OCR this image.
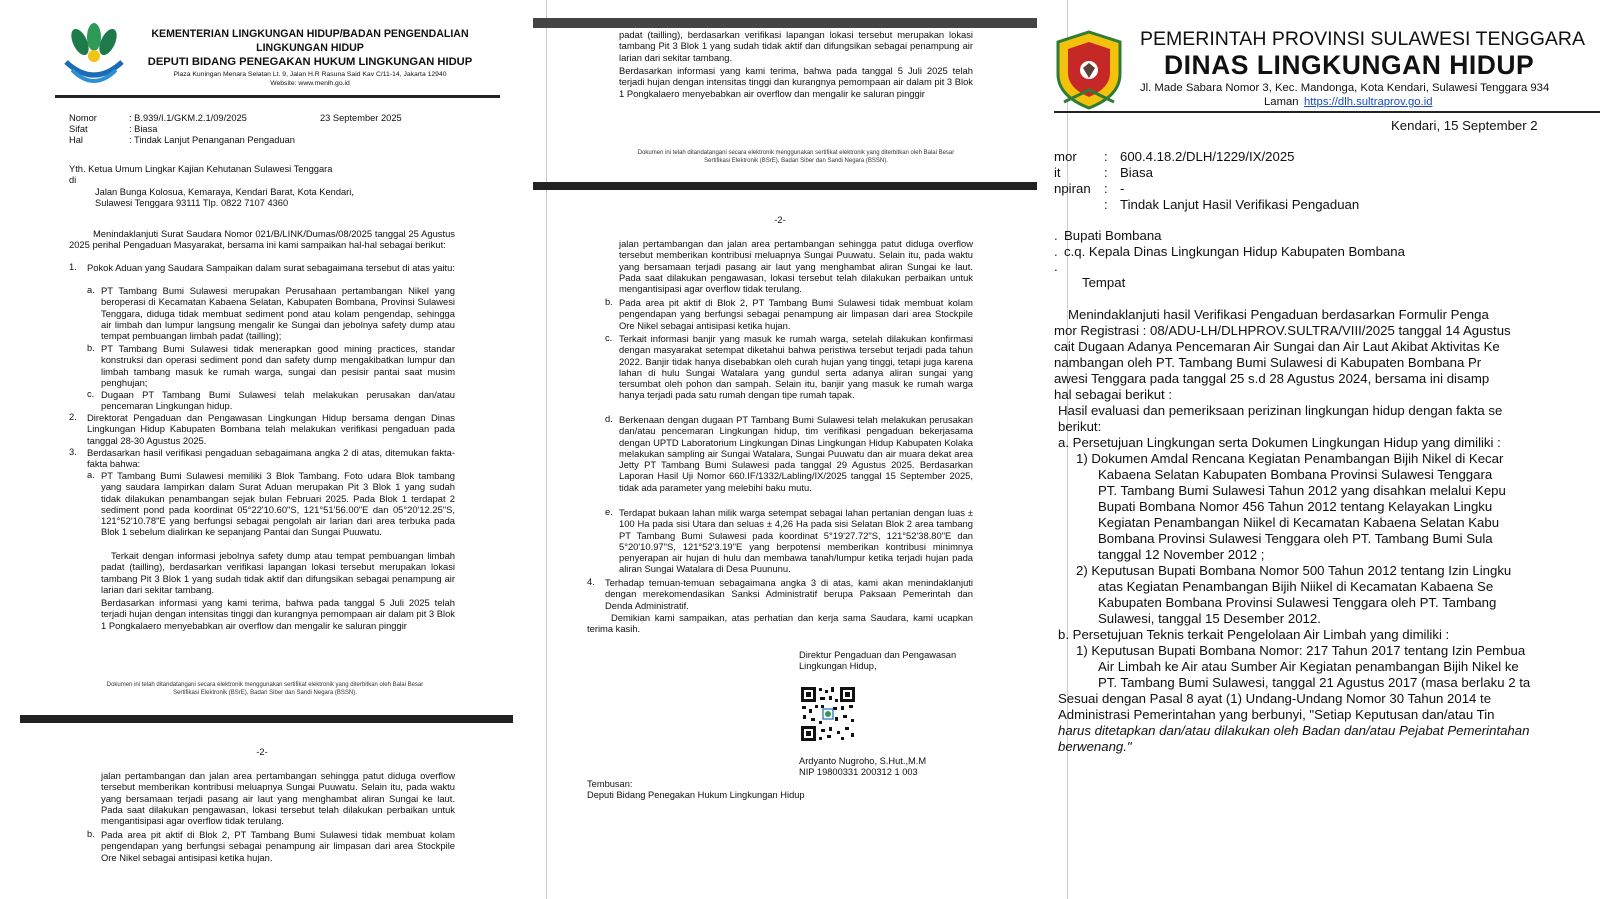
KEMENTERIAN LINGKUNGAN HIDUP/BADAN PENGENDALIAN
LINGKUNGAN HIDUP
DEPUTI BIDANG PENEGAKAN HUKUM LINGKUNGAN HIDUP
Plaza Kuningan Menara Selatan Lt. 9, Jalan H.R Rasuna Said Kav C/11-14, Jakarta 12940
Website: www.menlh.go.id
Nomor	: B.939/I.1/GKM.2.1/09/2025	23 September 2025
Sifat	: Biasa
Hal	: Tindak Lanjut Penanganan Pengaduan
Yth. Ketua Umum Lingkar Kajian Kehutanan Sulawesi Tenggara
di
Jalan Bunga Kolosua, Kemaraya, Kendari Barat, Kota Kendari,
Sulawesi Tenggara 93111 Tlp. 0822 7107 4360
Menindaklanjuti Surat Saudara Nomor 021/B/LINK/Dumas/08/2025 tanggal 25 Agustus 2025 perihal Pengaduan Masyarakat, bersama ini kami sampaikan hal-hal sebagai berikut:
1. Pokok Aduan yang Saudara Sampaikan dalam surat sebagaimana tersebut di atas yaitu:
a. PT Tambang Bumi Sulawesi merupakan Perusahaan pertambangan Nikel yang beroperasi di Kecamatan Kabaena Selatan, Kabupaten Bombana, Provinsi Sulawesi Tenggara, diduga tidak membuat sediment pond atau kolam pengendap, sehingga air limbah dan lumpur langsung mengalir ke Sungai dan jebolnya safety dump atau tempat pembuangan limbah padat (tailling);
b. PT Tambang Bumi Sulawesi tidak menerapkan good mining practices, standar konstruksi dan operasi sediment pond dan safety dump mengakibatkan lumpur dan limbah tambang masuk ke rumah warga, sungai dan pesisir pantai saat musim penghujan;
c. Dugaan PT Tambang Bumi Sulawesi telah melakukan perusakan dan/atau pencemaran Lingkungan hidup.
2. Direktorat Pengaduan dan Pengawasan Lingkungan Hidup bersama dengan Dinas Lingkungan Hidup Kabupaten Bombana telah melakukan verifikasi pengaduan pada tanggal 28-30 Agustus 2025.
3. Berdasarkan hasil verifikasi pengaduan sebagaimana angka 2 di atas, ditemukan fakta-fakta bahwa:
a. PT Tambang Bumi Sulawesi memiliki 3 Blok Tambang. Foto udara Blok tambang yang saudara lampirkan dalam Surat Aduan merupakan Pit 3 Blok 1 yang sudah tidak dilakukan penambangan sejak bulan Februari 2025. Pada Blok 1 terdapat 2 sediment pond pada koordinat 05°22'10.60"S, 121°51'56.00"E dan 05°20'12.25"S, 121°52'10.78"E yang berfungsi sebagai pengolah air larian dari area terbuka pada Blok 1 sebelum dialirkan ke sepanjang Pantai dan Sungai Puuwatu.
Terkait dengan informasi jebolnya safety dump atau tempat pembuangan limbah padat (tailling), berdasarkan verifikasi lapangan lokasi tersebut merupakan lokasi tambang Pit 3 Blok 1 yang sudah tidak aktif dan difungsikan sebagai penampung air larian dari sekitar tambang.
Berdasarkan informasi yang kami terima, bahwa pada tanggal 5 Juli 2025 telah terjadi hujan dengan intensitas tinggi dan kurangnya pemompaan air dalam pit 3 Blok 1 Pongkalaero menyebabkan air overflow dan mengalir ke saluran pinggir
Dokumen ini telah ditandatangani secara elektronik menggunakan sertifikat elektronik yang diterbitkan oleh Balai Besar Sertifikasi Elektronik (BSrE), Badan Siber dan Sandi Negara (BSSN).
-2-
jalan pertambangan dan jalan area pertambangan sehingga patut diduga overflow tersebut memberikan kontribusi meluapnya Sungai Puuwatu. Selain itu, pada waktu yang bersamaan terjadi pasang air laut yang menghambat aliran Sungai ke laut. Pada saat dilakukan pengawasan, lokasi tersebut telah dilakukan perbaikan untuk mengantisipasi agar overflow tidak terulang.
b. Pada area pit aktif di Blok 2, PT Tambang Bumi Sulawesi tidak membuat kolam pengendapan yang berfungsi sebagai penampung air limpasan dari area Stockpile Ore Nikel sebagai antisipasi ketika hujan.
padat (tailling), berdasarkan verifikasi lapangan lokasi tersebut merupakan lokasi tambang Pit 3 Blok 1 yang sudah tidak aktif dan difungsikan sebagai penampung air larian dari sekitar tambang.
Berdasarkan informasi yang kami terima, bahwa pada tanggal 5 Juli 2025 telah terjadi hujan dengan intensitas tinggi dan kurangnya pemompaan air dalam pit 3 Blok 1 Pongkalaero menyebabkan air overflow dan mengalir ke saluran pinggir
Dokumen ini telah ditandatangani secara elektronik menggunakan sertifikat elektronik yang diterbitkan oleh Balai Besar Sertifikasi Elektronik (BSrE), Badan Siber dan Sandi Negara (BSSN).
-2-
jalan pertambangan dan jalan area pertambangan sehingga patut diduga overflow tersebut memberikan kontribusi meluapnya Sungai Puuwatu. Selain itu, pada waktu yang bersamaan terjadi pasang air laut yang menghambat aliran Sungai ke laut. Pada saat dilakukan pengawasan, lokasi tersebut telah dilakukan perbaikan untuk mengantisipasi agar overflow tidak terulang.
b. Pada area pit aktif di Blok 2, PT Tambang Bumi Sulawesi tidak membuat kolam pengendapan yang berfungsi sebagai penampung air limpasan dari area Stockpile Ore Nikel sebagai antisipasi ketika hujan.
c. Terkait informasi banjir yang masuk ke rumah warga, setelah dilakukan konfirmasi dengan masyarakat setempat diketahui bahwa peristiwa tersebut terjadi pada tahun 2022. Banjir tidak hanya disebabkan oleh curah hujan yang tinggi, tetapi juga karena lahan di hulu Sungai Watalara yang gundul serta adanya aliran sungai yang tersumbat oleh pohon dan sampah. Selain itu, banjir yang masuk ke rumah warga hanya terjadi pada satu rumah dengan tipe rumah tapak.
d. Berkenaan dengan dugaan PT Tambang Bumi Sulawesi telah melakukan perusakan dan/atau pencemaran Lingkungan hidup, tim verifikasi pengaduan bekerjasama dengan UPTD Laboratorium Lingkungan Dinas Lingkungan Hidup Kabupaten Kolaka melakukan sampling air Sungai Watalara, Sungai Puuwatu dan air muara dekat area Jetty PT Tambang Bumi Sulawesi pada tanggal 29 Agustus 2025. Berdasarkan Laporan Hasil Uji Nomor 660.IF/1332/Labling/IX/2025 tanggal 15 September 2025, tidak ada parameter yang melebihi baku mutu.
e. Terdapat bukaan lahan milik warga setempat sebagai lahan pertanian dengan luas ± 100 Ha pada sisi Utara dan seluas ± 4,26 Ha pada sisi Selatan Blok 2 area tambang PT Tambang Bumi Sulawesi pada koordinat 5°19'27.72"S, 121°52'38.80"E dan 5°20'10.97"S, 121°52'3.19"E yang berpotensi memberikan kontribusi minimnya penyerapan air hujan di hulu dan membawa tanah/lumpur ketika terjadi hujan pada aliran Sungai Watalara di Desa Puununu.
4. Terhadap temuan-temuan sebagaimana angka 3 di atas, kami akan menindaklanjuti dengan merekomendasikan Sanksi Administratif berupa Paksaan Pemerintah dan Denda Administratif.
Demikian kami sampaikan, atas perhatian dan kerja sama Saudara, kami ucapkan terima kasih.
Direktur Pengaduan dan Pengawasan
Lingkungan Hidup,
Ardyanto Nugroho, S.Hut.,M.M
NIP 19800331 200312 1 003
Tembusan:
Deputi Bidang Penegakan Hukum Lingkungan Hidup
PEMERINTAH PROVINSI SULAWESI TENGGARA
DINAS LINGKUNGAN HIDUP
Jl. Made Sabara Nomor 3, Kec. Mandonga, Kota Kendari, Sulawesi Tenggara 934
Laman https://dlh.sultraprov.go.id
Kendari, 15 September 2
mor : 600.4.18.2/DLH/1229/IX/2025
it	: Biasa
npiran : -
: Tindak Lanjut Hasil Verifikasi Pengaduan
. Bupati Bombana
. c.q. Kepala Dinas Lingkungan Hidup Kabupaten Bombana
.
Tempat
Menindaklanjuti hasil Verifikasi Pengaduan berdasarkan Formulir Penga
mor Registrasi : 08/ADU-LH/DLHPROV.SULTRA/VIII/2025 tanggal 14 Agustus
cait Dugaan Adanya Pencemaran Air Sungai dan Air Laut Akibat Aktivitas Ke
nambangan oleh PT. Tambang Bumi Sulawesi di Kabupaten Bombana Pr
awesi Tenggara pada tanggal 25 s.d 28 Agustus 2024, bersama ini disamp
hal sebagai berikut :
Hasil evaluasi dan pemeriksaan perizinan lingkungan hidup dengan fakta se
berikut:
a. Persetujuan Lingkungan serta Dokumen Lingkungan Hidup yang dimiliki :
1) Dokumen Amdal Rencana Kegiatan Penambangan Bijih Nikel di Kecar
Kabaena Selatan Kabupaten Bombana Provinsi Sulawesi Tenggara
PT. Tambang Bumi Sulawesi Tahun 2012 yang disahkan melalui Kepu
Bupati Bombana Nomor 456 Tahun 2012 tentang Kelayakan Lingku
Kegiatan Penambangan Niikel di Kecamatan Kabaena Selatan Kabu
Bombana Provinsi Sulawesi Tenggara oleh PT. Tambang Bumi Sula
tanggal 12 November 2012 ;
2) Keputusan Bupati Bombana Nomor 500 Tahun 2012 tentang Izin Lingku
atas Kegiatan Penambangan Bijih Niikel di Kecamatan Kabaena Se
Kabupaten Bombana Provinsi Sulawesi Tenggara oleh PT. Tambang
Sulawesi, tanggal 15 Desember 2012.
b. Persetujuan Teknis terkait Pengelolaan Air Limbah yang dimiliki :
1) Keputusan Bupati Bombana Nomor: 217 Tahun 2017 tentang Izin Pembua
Air Limbah ke Air atau Sumber Air Kegiatan penambangan Bijih Nikel ke
PT. Tambang Bumi Sulawesi, tanggal 21 Agustus 2017 (masa berlaku 2 ta
Sesuai dengan Pasal 8 ayat (1) Undang-Undang Nomor 30 Tahun 2014 te
Administrasi Pemerintahan yang berbunyi, "Setiap Keputusan dan/atau Tin
harus ditetapkan dan/atau dilakukan oleh Badan dan/atau Pejabat Pemerintahan
berwenang."
